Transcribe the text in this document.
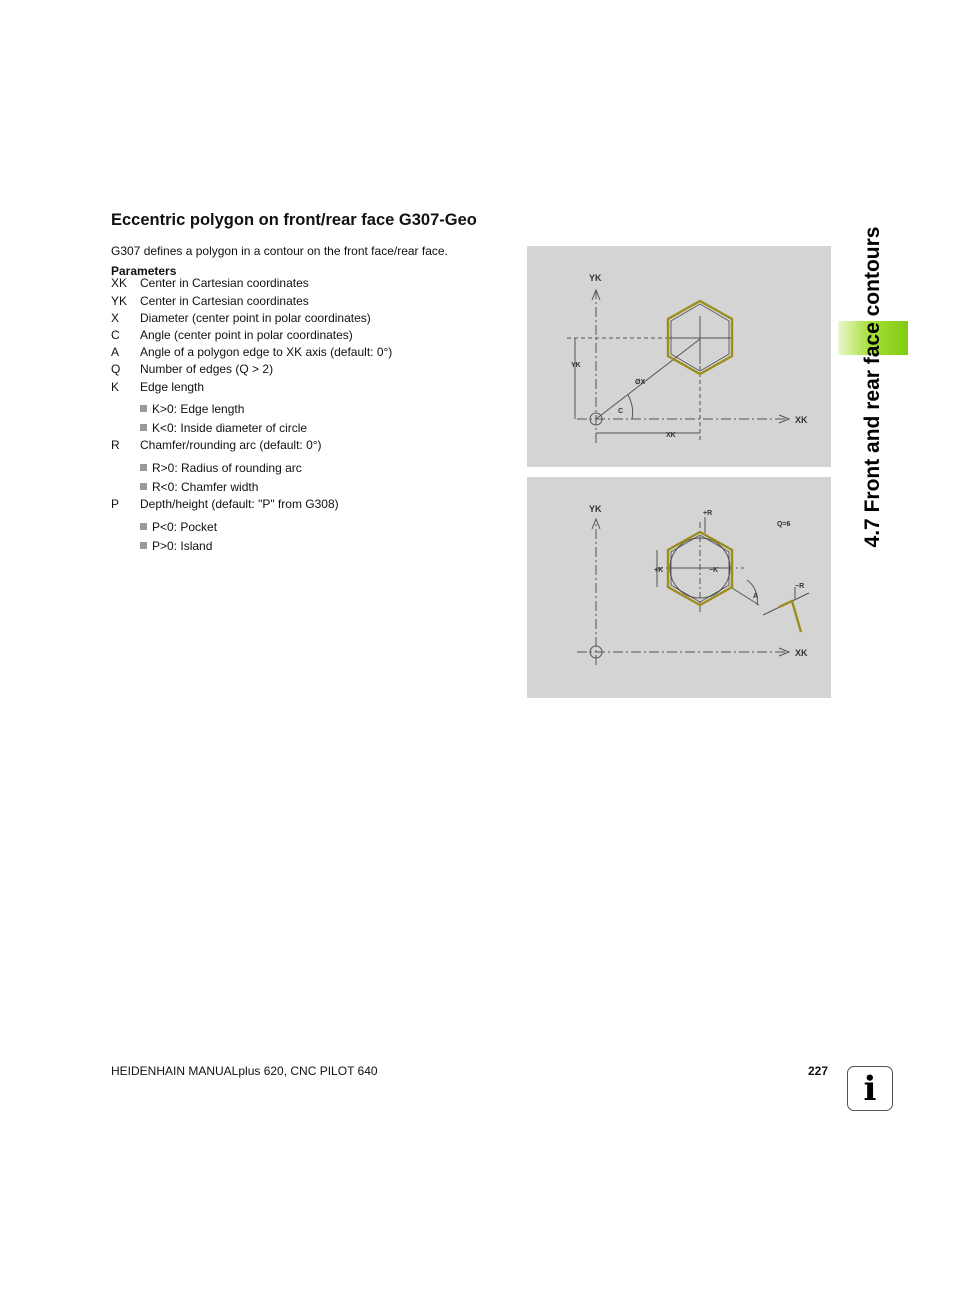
Eccentric polygon on front/rear face G307-Geo
G307 defines a polygon in a contour on the front face/rear face.
Parameters
XK Center in Cartesian coordinates
YK Center in Cartesian coordinates
X Diameter (center point in polar coordinates)
C Angle (center point in polar coordinates)
A Angle of a polygon edge to XK axis (default: 0°)
Q Number of edges (Q > 2)
K Edge length
K>0: Edge length
K<0: Inside diameter of circle
R Chamfer/rounding arc (default: 0°)
R>0: Radius of rounding arc
R<0: Chamfer width
P Depth/height (default: "P" from G308)
P<0: Pocket
P>0: Island
YK
XK
YK
XK
ØX
C
YK
XK
+R
Q=6
+K	−K
A
−R
4.7 Front and rear face contours
HEIDENHAIN MANUALplus 620, CNC PILOT 640	227	i
